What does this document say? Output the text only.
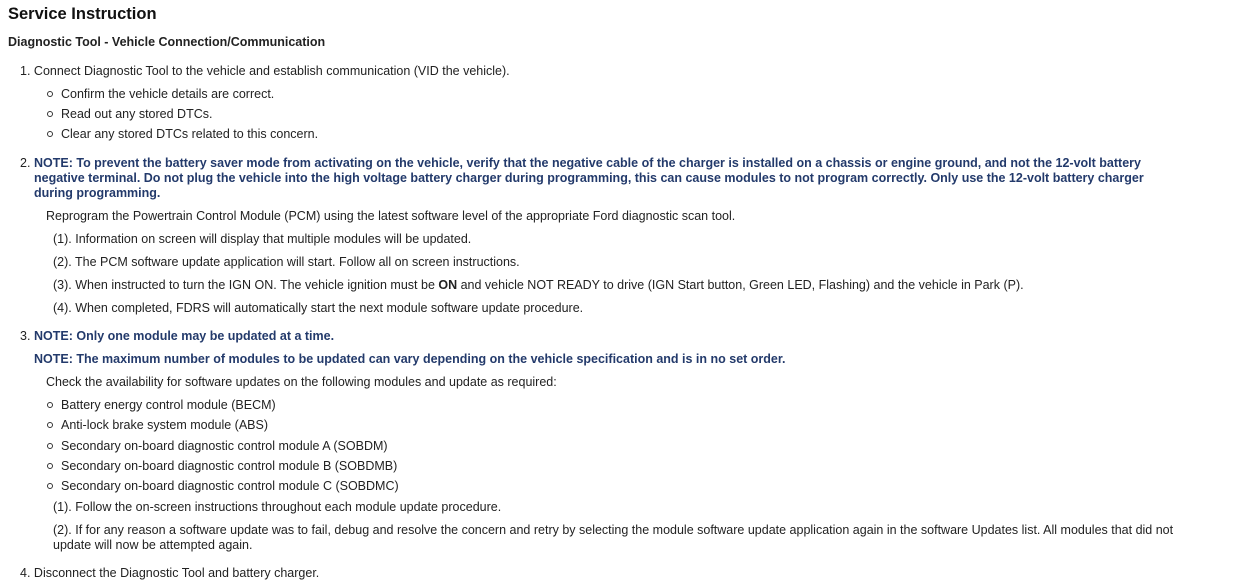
Service Instruction
Diagnostic Tool - Vehicle Connection/Communication
1. Connect Diagnostic Tool to the vehicle and establish communication (VID the vehicle).
Confirm the vehicle details are correct.
Read out any stored DTCs.
Clear any stored DTCs related to this concern.
2. NOTE: To prevent the battery saver mode from activating on the vehicle, verify that the negative cable of the charger is installed on a chassis or engine ground, and not the 12-volt battery
negative terminal. Do not plug the vehicle into the high voltage battery charger during programming, this can cause modules to not program correctly. Only use the 12-volt battery charger
during programming.
Reprogram the Powertrain Control Module (PCM) using the latest software level of the appropriate Ford diagnostic scan tool.
(1). Information on screen will display that multiple modules will be updated.
(2). The PCM software update application will start. Follow all on screen instructions.
(3). When instructed to turn the IGN ON. The vehicle ignition must be ON and vehicle NOT READY to drive (IGN Start button, Green LED, Flashing) and the vehicle in Park (P).
(4). When completed, FDRS will automatically start the next module software update procedure.
3. NOTE: Only one module may be updated at a time.
NOTE: The maximum number of modules to be updated can vary depending on the vehicle specification and is in no set order.
Check the availability for software updates on the following modules and update as required:
Battery energy control module (BECM)
Anti-lock brake system module (ABS)
Secondary on-board diagnostic control module A (SOBDM)
Secondary on-board diagnostic control module B (SOBDMB)
Secondary on-board diagnostic control module C (SOBDMC)
(1). Follow the on-screen instructions throughout each module update procedure.
(2). If for any reason a software update was to fail, debug and resolve the concern and retry by selecting the module software update application again in the software Updates list. All modules that did not
update will now be attempted again.
4. Disconnect the Diagnostic Tool and battery charger.
